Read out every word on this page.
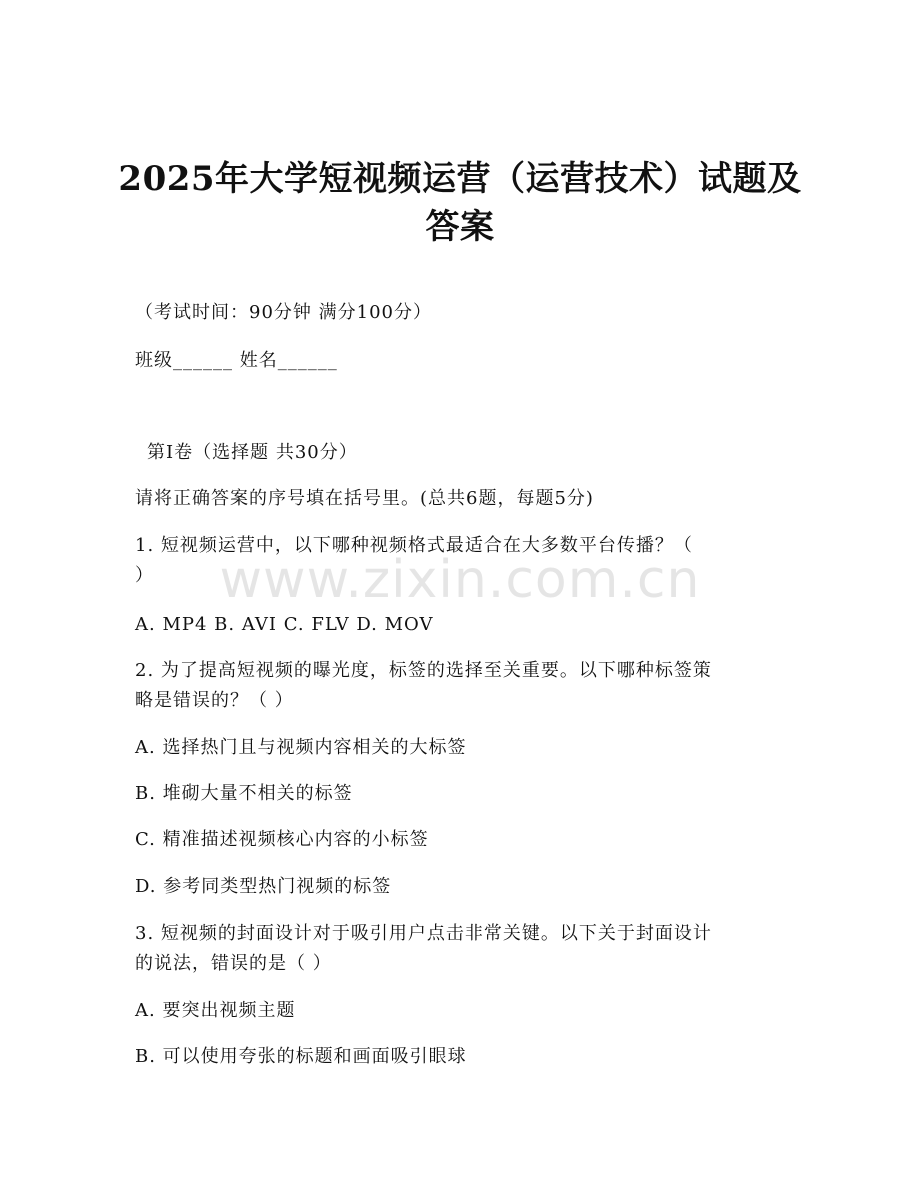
2025年大学短视频运营（运营技术）试题及
答案
（考试时间：90分钟 满分100分）
班级______ 姓名______
第Ⅰ卷（选择题 共30分）
请将正确答案的序号填在括号里。(总共6题，每题5分)
1. 短视频运营中，以下哪种视频格式最适合在大多数平台传播？（
）
A. MP4 B. AVI C. FLV D. MOV
2. 为了提高短视频的曝光度，标签的选择至关重要。以下哪种标签策
略是错误的？（ ）
A. 选择热门且与视频内容相关的大标签
B. 堆砌大量不相关的标签
C. 精准描述视频核心内容的小标签
D. 参考同类型热门视频的标签
3. 短视频的封面设计对于吸引用户点击非常关键。以下关于封面设计
的说法，错误的是（ ）
A. 要突出视频主题
B. 可以使用夸张的标题和画面吸引眼球
www.zixin.com.cn
